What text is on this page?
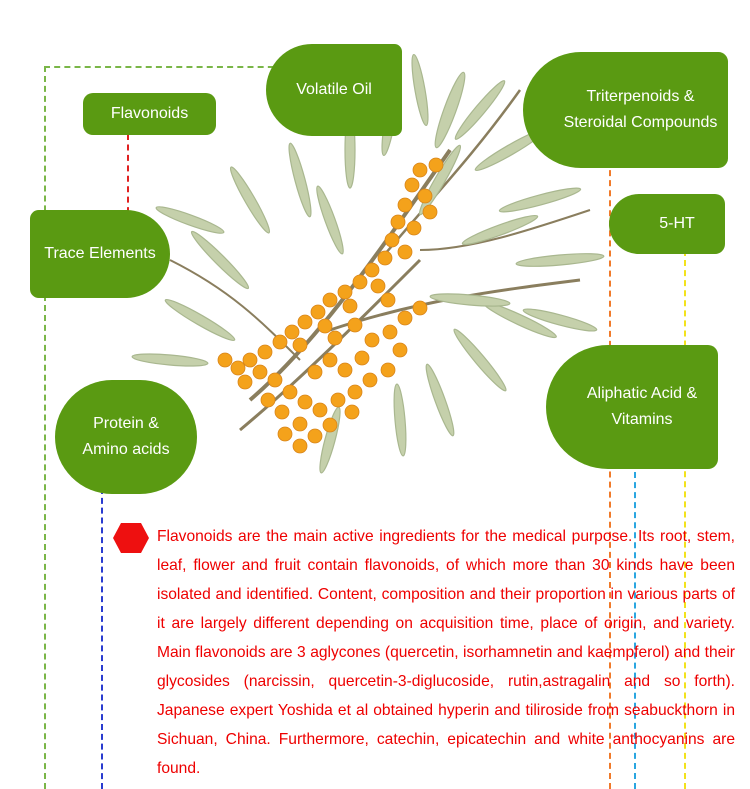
Flavonoids
Volatile Oil	Triterpenoids & Steroidal Compounds
5-HT
Trace Elements
Aliphatic Acid & Vitamins
Protein & Amino acids

Flavonoids are the main active ingredients for the medical purpose. Its root, stem, leaf, flower and fruit contain flavonoids, of which more than 30 kinds have been isolated and identified. Content, composition and their proportion in various parts of it are largely different depending on acquisition time, place of origin, and variety. Main flavonoids are 3 aglycones (quercetin, isorhamnetin and kaempferol) and their glycosides (narcissin, quercetin-3-diglucoside, rutin,astragalin and so forth). Japanese expert Yoshida et al obtained hyperin and tiliroside from seabuckthorn in Sichuan, China. Furthermore, catechin, epicatechin and white anthocyanins are found.
